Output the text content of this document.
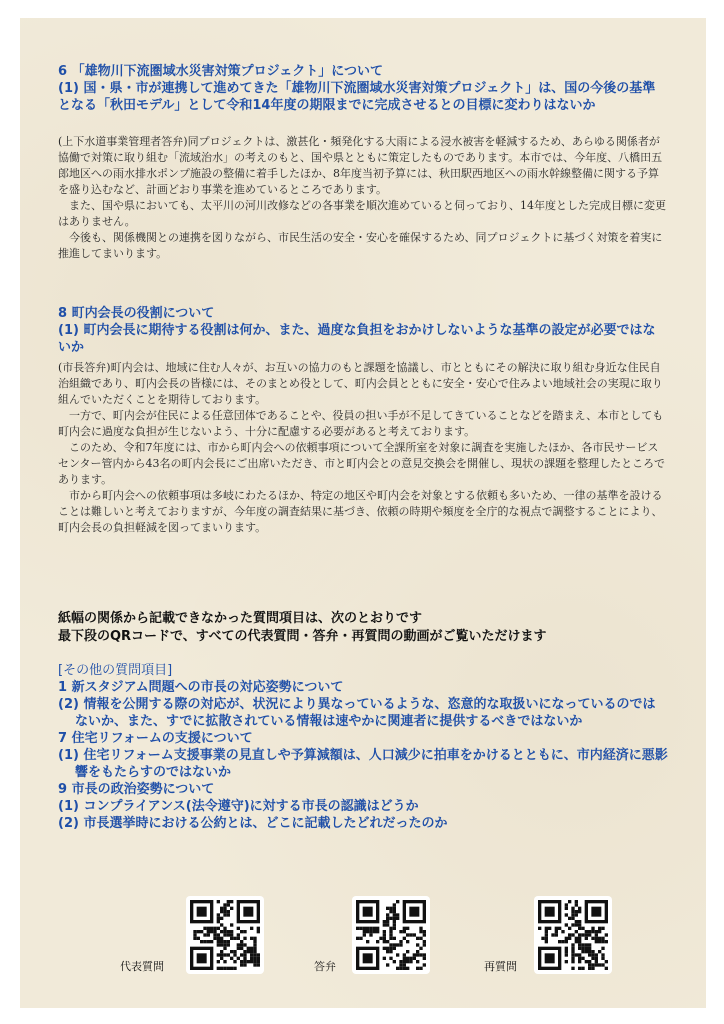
6 「雄物川下流圏域水災害対策プロジェクト」について
(1) 国・県・市が連携して進めてきた「雄物川下流圏域水災害対策プロジェクト」は、国の今後の基準となる「秋田モデル」として令和14年度の期限までに完成させるとの目標に変わりはないか

(上下水道事業管理者答弁)同プロジェクトは、激甚化・頻発化する大雨による浸水被害を軽減するため、あらゆる関係者が協働で対策に取り組む「流域治水」の考えのもと、国や県とともに策定したものであります。本市では、今年度、八橋田五郎地区への雨水排水ポンプ施設の整備に着手したほか、8年度当初予算には、秋田駅西地区への雨水幹線整備に関する予算を盛り込むなど、計画どおり事業を進めているところであります。

また、国や県においても、太平川の河川改修などの各事業を順次進めていると伺っており、14年度とした完成目標に変更はありません。

今後も、関係機関との連携を図りながら、市民生活の安全・安心を確保するため、同プロジェクトに基づく対策を着実に推進してまいります。

8 町内会長の役割について
(1) 町内会長に期待する役割は何か、また、過度な負担をおかけしないような基準の設定が必要ではないか

(市長答弁)町内会は、地域に住む人々が、お互いの協力のもと課題を協議し、市とともにその解決に取り組む身近な住民自治組織であり、町内会長の皆様には、そのまとめ役として、町内会員とともに安全・安心で住みよい地域社会の実現に取り組んでいただくことを期待しております。

一方で、町内会が住民による任意団体であることや、役員の担い手が不足してきていることなどを踏まえ、本市としても町内会に過度な負担が生じないよう、十分に配慮する必要があると考えております。

このため、令和7年度には、市から町内会への依頼事項について全課所室を対象に調査を実施したほか、各市民サービスセンター管内から43名の町内会長にご出席いただき、市と町内会との意見交換会を開催し、現状の課題を整理したところであります。

市から町内会への依頼事項は多岐にわたるほか、特定の地区や町内会を対象とする依頼も多いため、一律の基準を設けることは難しいと考えておりますが、今年度の調査結果に基づき、依頼の時期や頻度を全庁的な視点で調整することにより、町内会長の負担軽減を図ってまいります。

紙幅の関係から記載できなかった質問項目は、次のとおりです
最下段のQRコードで、すべての代表質問・答弁・再質問の動画がご覧いただけます
[その他の質問項目]
1 新スタジアム問題への市長の対応姿勢について
(2) 情報を公開する際の対応が、状況により異なっているような、恣意的な取扱いになっているのではないか、また、すでに拡散されている情報は速やかに関連者に提供するべきではないか
7 住宅リフォームの支援について
(1) 住宅リフォーム支援事業の見直しや予算減額は、人口減少に拍車をかけるとともに、市内経済に悪影響をもたらすのではないか
9 市長の政治姿勢について
(1) コンプライアンス(法令遵守)に対する市長の認識はどうか
(2) 市長選挙時における公約とは、どこに記載したどれだったのか
代表質問	答弁	再質問
